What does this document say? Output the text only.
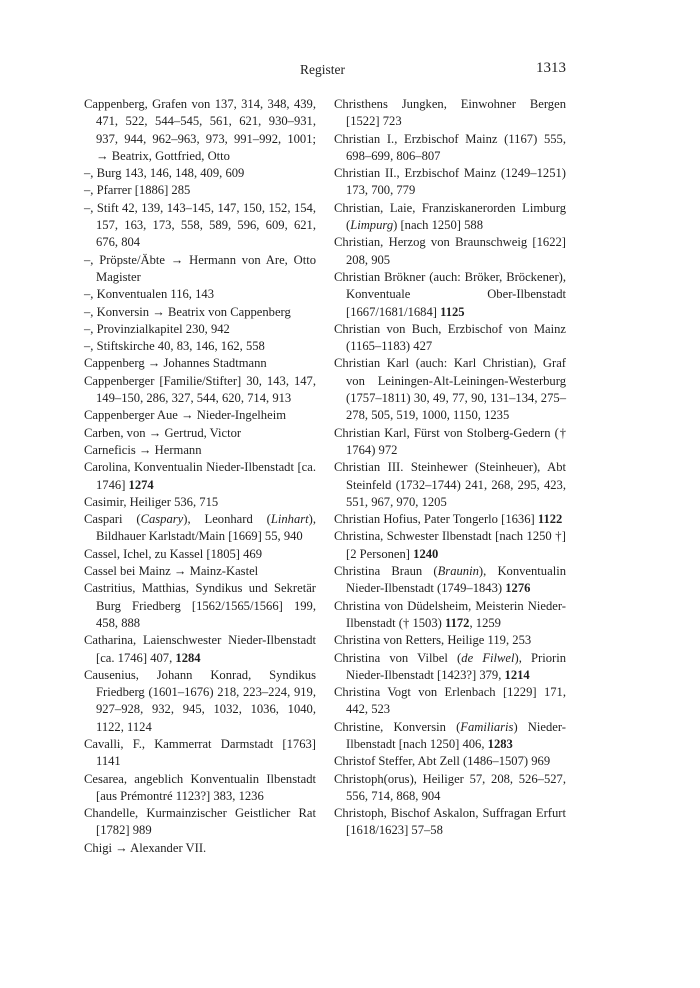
Register	1313
Cappenberg, Grafen von 137, 314, 348, 439, 471, 522, 544–545, 561, 621, 930–931, 937, 944, 962–963, 973, 991–992, 1001; → Beatrix, Gottfried, Otto
–, Burg 143, 146, 148, 409, 609
–, Pfarrer [1886] 285
–, Stift 42, 139, 143–145, 147, 150, 152, 154, 157, 163, 173, 558, 589, 596, 609, 621, 676, 804
–, Pröpste/Äbte → Hermann von Are, Otto Magister
–, Konventualen 116, 143
–, Konversin → Beatrix von Cappenberg
–, Provinzialkapitel 230, 942
–, Stiftskirche 40, 83, 146, 162, 558
Cappenberg → Johannes Stadtmann
Cappenberger [Familie/Stifter] 30, 143, 147, 149–150, 286, 327, 544, 620, 714, 913
Cappenberger Aue → Nieder-Ingelheim
Carben, von → Gertrud, Victor
Carneficis → Hermann
Carolina, Konventualin Nieder-Ilbenstadt [ca. 1746] 1274
Casimir, Heiliger 536, 715
Caspari (Caspary), Leonhard (Linhart), Bildhauer Karlstadt/Main [1669] 55, 940
Cassel, Ichel, zu Kassel [1805] 469
Cassel bei Mainz → Mainz-Kastel
Castritius, Matthias, Syndikus und Sekretär Burg Friedberg [1562/1565/1566] 199, 458, 888
Catharina, Laienschwester Nieder-Ilbenstadt [ca. 1746] 407, 1284
Causenius, Johann Konrad, Syndikus Friedberg (1601–1676) 218, 223–224, 919, 927–928, 932, 945, 1032, 1036, 1040, 1122, 1124
Cavalli, F., Kammerrat Darmstadt [1763] 1141
Cesarea, angeblich Konventualin Ilbenstadt [aus Prémontré 1123?] 383, 1236
Chandelle, Kurmainzischer Geistlicher Rat [1782] 989
Chigi → Alexander VII.
Christhens Jungken, Einwohner Bergen [1522] 723
Christian I., Erzbischof Mainz (1167) 555, 698–699, 806–807
Christian II., Erzbischof Mainz (1249–1251) 173, 700, 779
Christian, Laie, Franziskanerorden Limburg (Limpurg) [nach 1250] 588
Christian, Herzog von Braunschweig [1622] 208, 905
Christian Brökner (auch: Bröker, Bröckener), Konventuale Ober-Ilbenstadt [1667/1681/1684] 1125
Christian von Buch, Erzbischof von Mainz (1165–1183) 427
Christian Karl (auch: Karl Christian), Graf von Leiningen-Alt-Leiningen-Westerburg (1757–1811) 30, 49, 77, 90, 131–134, 275–278, 505, 519, 1000, 1150, 1235
Christian Karl, Fürst von Stolberg-Gedern († 1764) 972
Christian III. Steinhewer (Steinheuer), Abt Steinfeld (1732–1744) 241, 268, 295, 423, 551, 967, 970, 1205
Christian Hofius, Pater Tongerlo [1636] 1122
Christina, Schwester Ilbenstadt [nach 1250 †] [2 Personen] 1240
Christina Braun (Braunin), Konventualin Nieder-Ilbenstadt (1749–1843) 1276
Christina von Düdelsheim, Meisterin Nieder-Ilbenstadt († 1503) 1172, 1259
Christina von Retters, Heilige 119, 253
Christina von Vilbel (de Filwel), Priorin Nieder-Ilbenstadt [1423?] 379, 1214
Christina Vogt von Erlenbach [1229] 171, 442, 523
Christine, Konversin (Familiaris) Nieder-Ilbenstadt [nach 1250] 406, 1283
Christof Steffer, Abt Zell (1486–1507) 969
Christoph(orus), Heiliger 57, 208, 526–527, 556, 714, 868, 904
Christoph, Bischof Askalon, Suffragan Erfurt [1618/1623] 57–58
